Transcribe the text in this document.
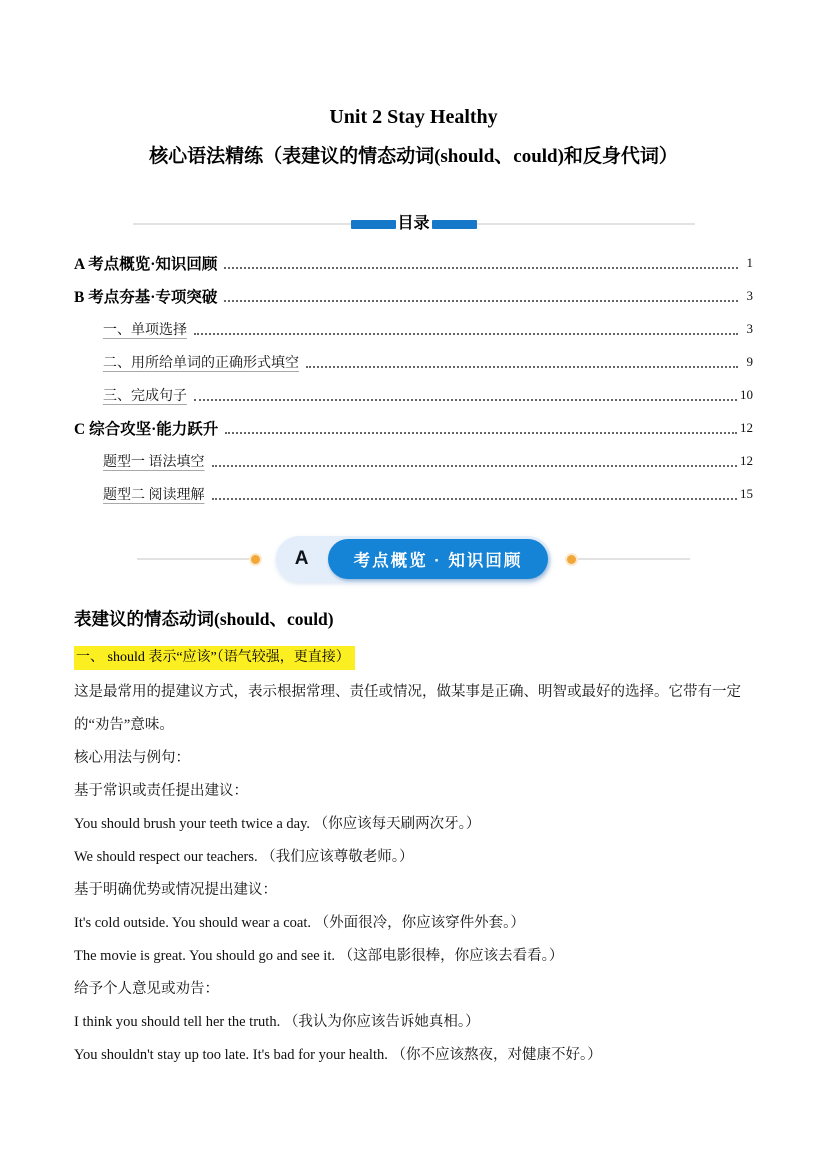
Unit 2 Stay Healthy
核心语法精练（表建议的情态动词(should、could)和反身代词）
目录
A 考点概览·知识回顾	1
B 考点夯基·专项突破	3
一、单项选择	3
二、用所给单词的正确形式填空	9
三、完成句子	10
C 综合攻坚·能力跃升	12
题型一 语法填空	12
题型二 阅读理解	15
A	考点概览 · 知识回顾
表建议的情态动词(should、could)
一、 should 表示“应该”（语气较强，更直接）

这是最常用的提建议方式，表示根据常理、责任或情况，做某事是正确、明智或最好的选择。它带有一定的“劝告”意味。

核心用法与例句：

基于常识或责任提出建议：

You should brush your teeth twice a day. （你应该每天刷两次牙。）

We should respect our teachers. （我们应该尊敬老师。）

基于明确优势或情况提出建议：

It's cold outside. You should wear a coat. （外面很冷，你应该穿件外套。）

The movie is great. You should go and see it. （这部电影很棒，你应该去看看。）

给予个人意见或劝告：

I think you should tell her the truth. （我认为你应该告诉她真相。）

You shouldn't stay up too late. It's bad for your health. （你不应该熬夜，对健康不好。）
